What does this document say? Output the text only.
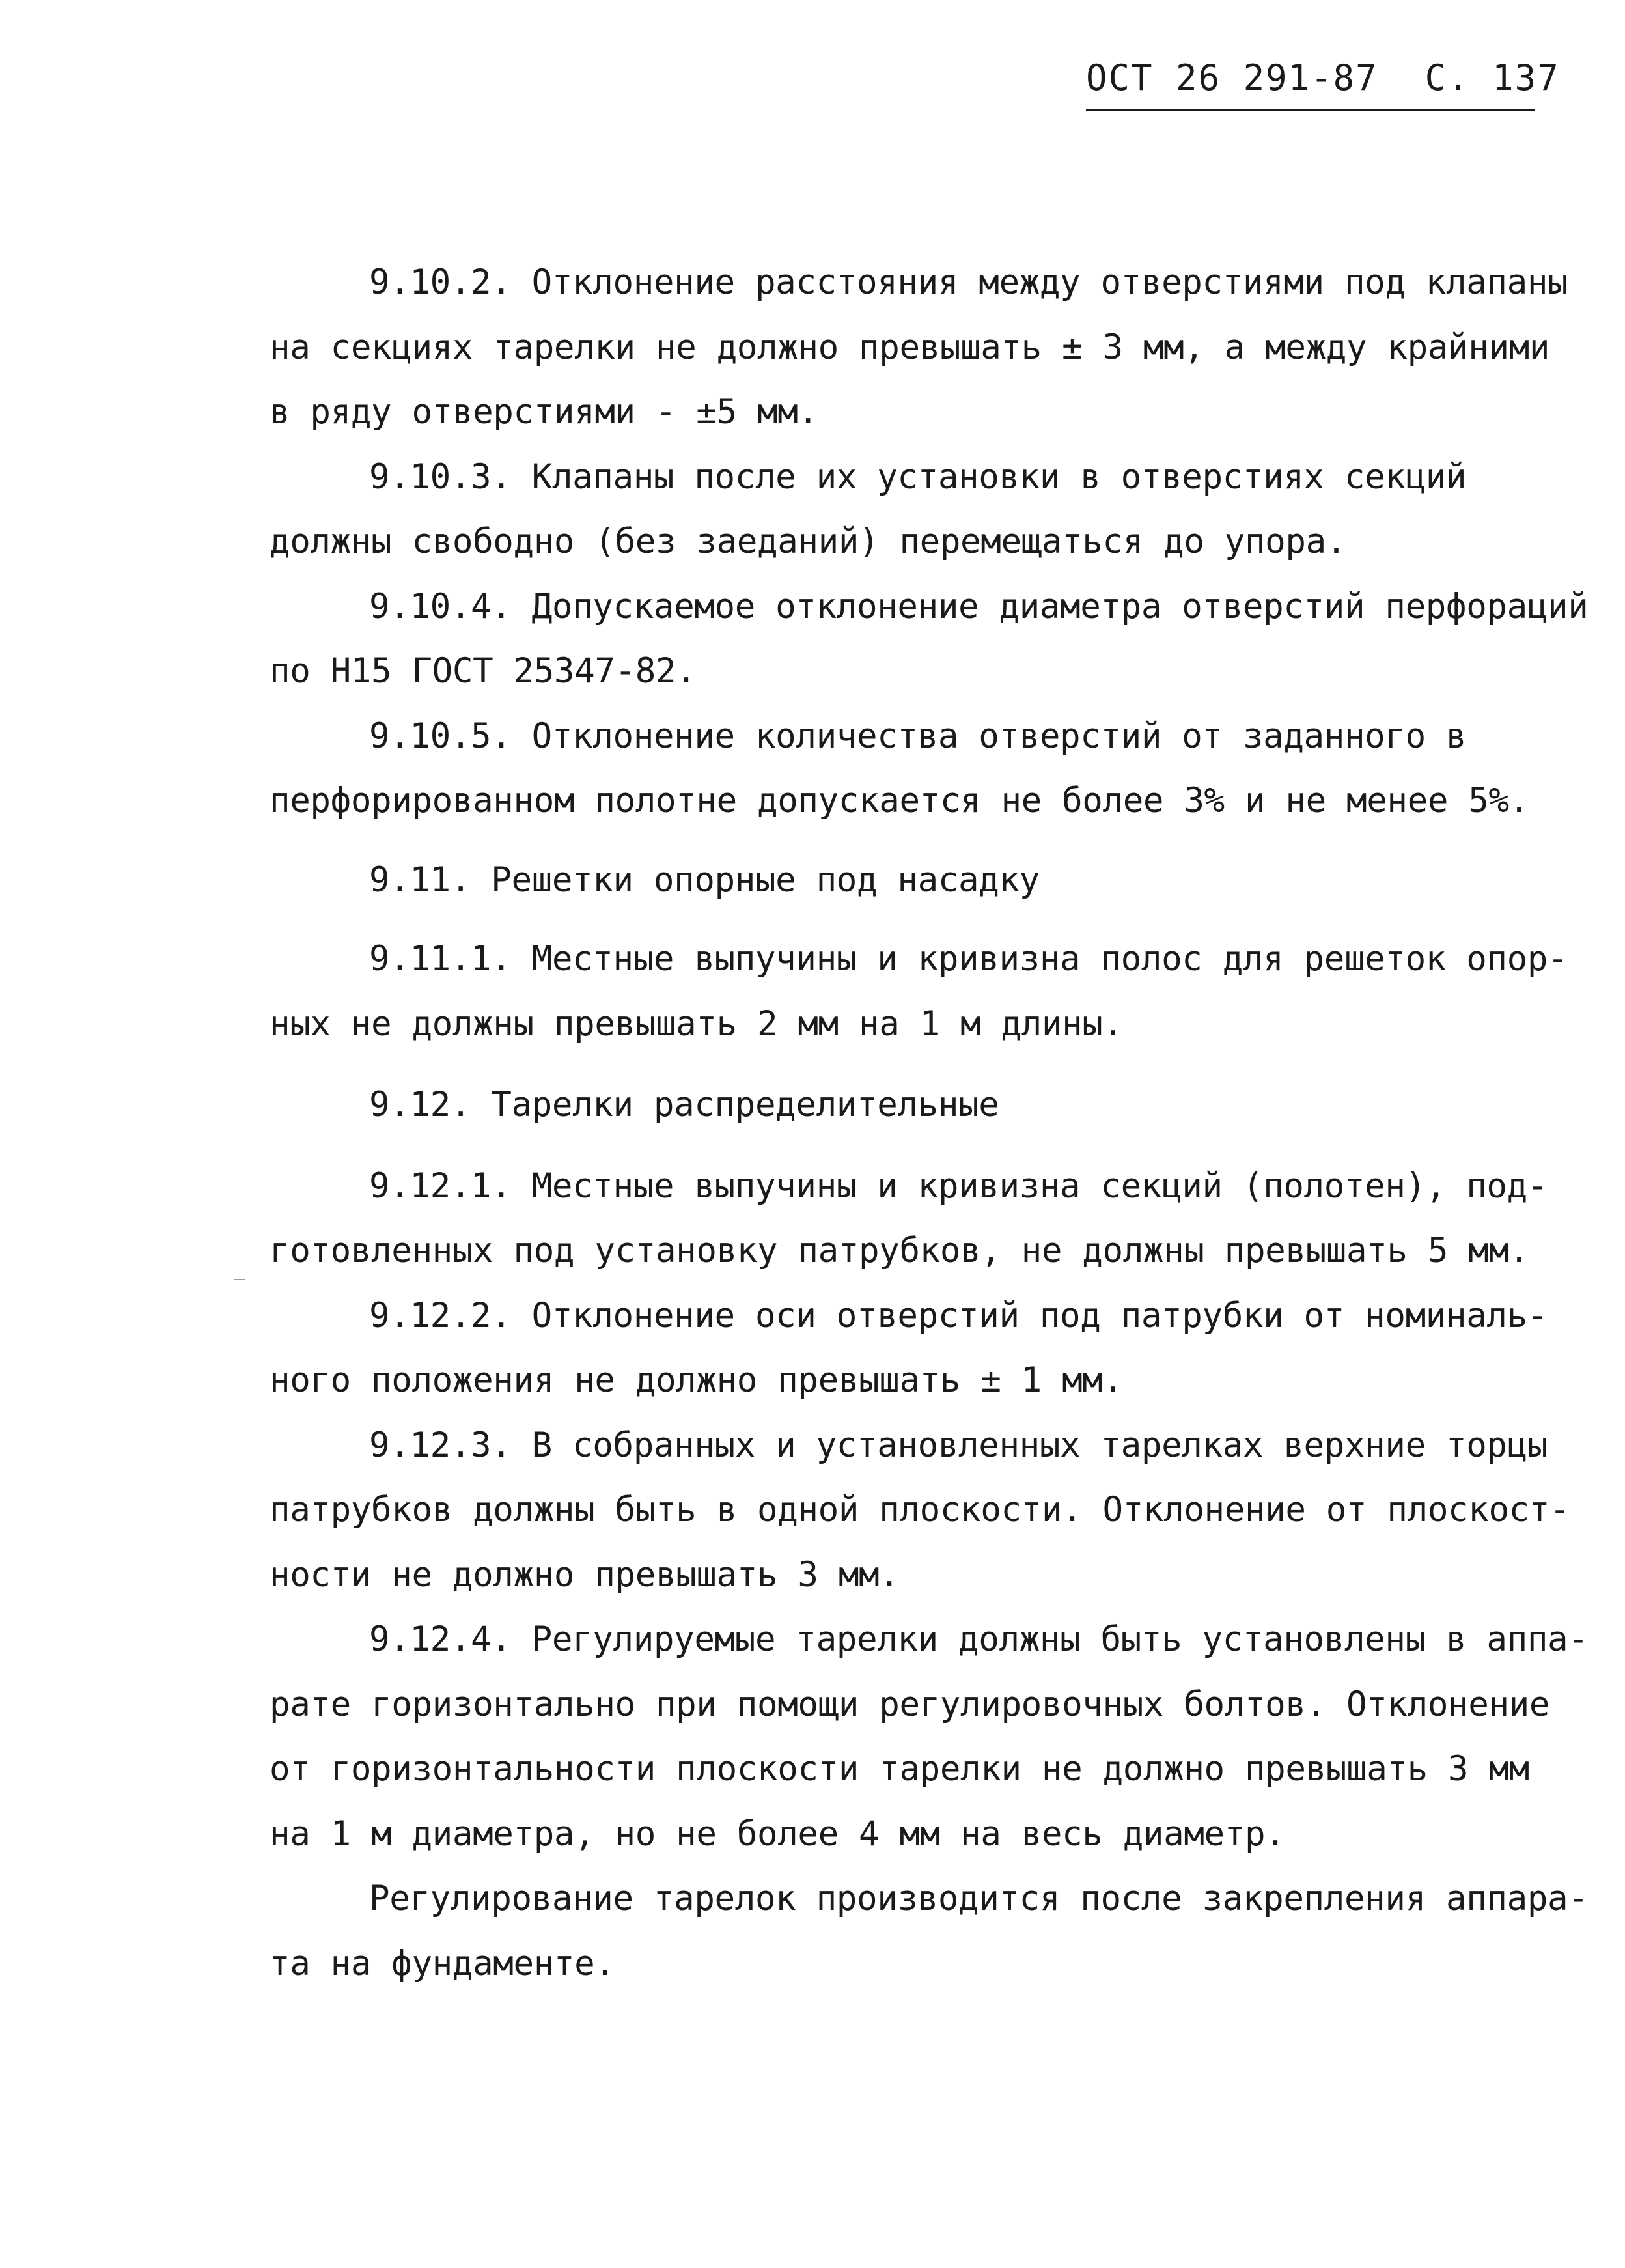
ОСТ 26 291-87 С. 137
9.10.2. Отклонение расстояния между отверстиями под клапаны
на секциях тарелки не должно превышать ± 3 мм, а между крайними
в ряду отверстиями - ±5 мм.
9.10.3. Клапаны после их установки в отверстиях секций
должны свободно (без заеданий) перемещаться до упора.
9.10.4. Допускаемое отклонение диаметра отверстий перфораций
по Н15 ГОСТ 25347-82.
9.10.5. Отклонение количества отверстий от заданного в
перфорированном полотне допускается не более 3% и не менее 5%.
9.11. Решетки опорные под насадку
9.11.1. Местные выпучины и кривизна полос для решеток опор-
ных не должны превышать 2 мм на 1 м длины.
9.12. Тарелки распределительные
9.12.1. Местные выпучины и кривизна секций (полотен), под-
готовленных под установку патрубков, не должны превышать 5 мм.
9.12.2. Отклонение оси отверстий под патрубки от номиналь-
ного положения не должно превышать ± 1 мм.
9.12.3. В собранных и установленных тарелках верхние торцы
патрубков должны быть в одной плоскости. Отклонение от плоскост-
ности не должно превышать 3 мм.
9.12.4. Регулируемые тарелки должны быть установлены в аппа-
рате горизонтально при помощи регулировочных болтов. Отклонение
от горизонтальности плоскости тарелки не должно превышать 3 мм
на 1 м диаметра, но не более 4 мм на весь диаметр.
Регулирование тарелок производится после закрепления аппара-
та на фундаменте.
